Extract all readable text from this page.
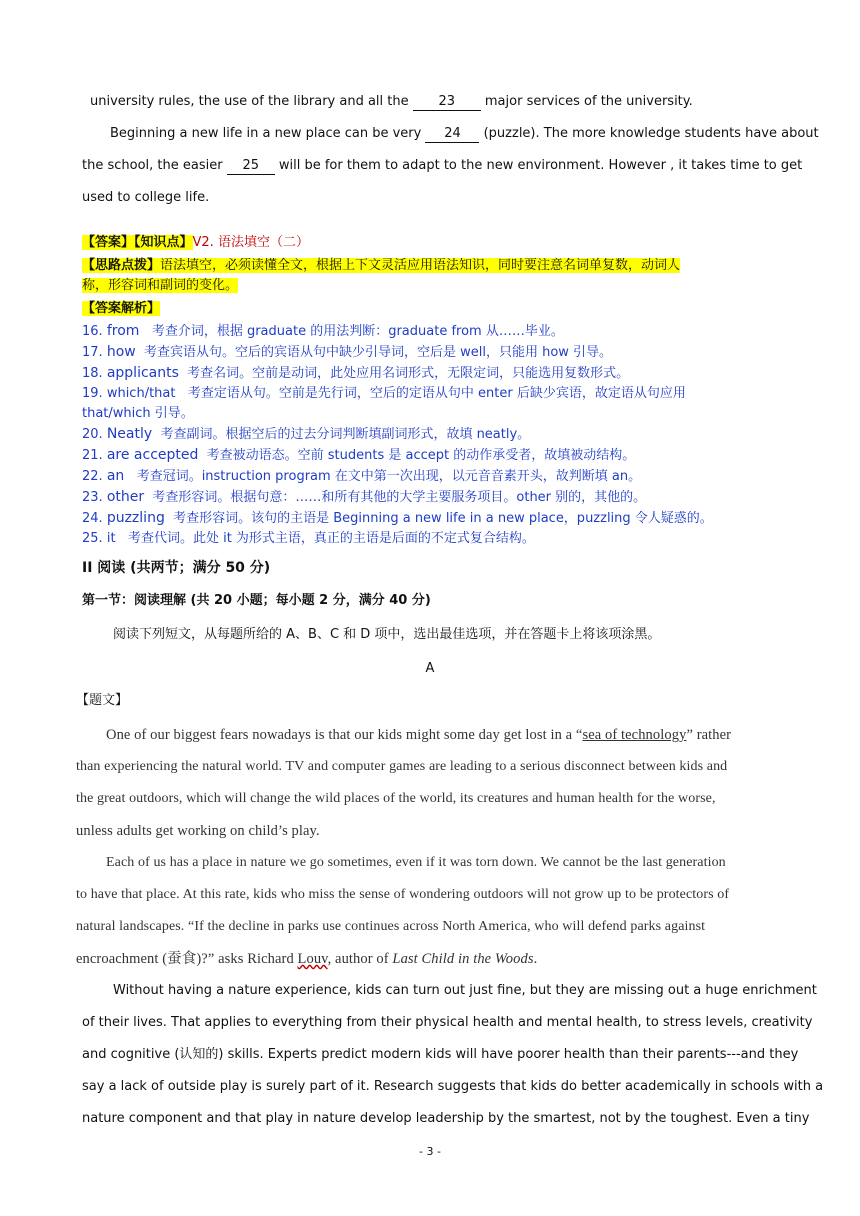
university rules, the use of the library and all the 23 major services of the university.
Beginning a new life in a new place can be very 24 (puzzle). The more knowledge students have about
the school, the easier 25 will be for them to adapt to the new environment. However , it takes time to get
used to college life.
【答案】【知识点】V2. 语法填空（二）
【思路点拨】语法填空，必须读懂全文，根据上下文灵活应用语法知识，同时要注意名词单复数，动词人
称，形容词和副词的变化。
【答案解析】
16. from 考查介词，根据 graduate 的用法判断：graduate from 从……毕业。
17. how 考查宾语从句。空后的宾语从句中缺少引导词，空后是 well，只能用 how 引导。
18. applicants 考查名词。空前是动词，此处应用名词形式，无限定词，只能选用复数形式。
19. which/that 考查定语从句。空前是先行词，空后的定语从句中 enter 后缺少宾语，故定语从句应用
that/which 引导。
20. Neatly 考查副词。根据空后的过去分词判断填副词形式，故填 neatly。
21. are accepted 考查被动语态。空前 students 是 accept 的动作承受者，故填被动结构。
22. an 考查冠词。instruction program 在文中第一次出现，以元音音素开头，故判断填 an。
23. other 考查形容词。根据句意：……和所有其他的大学主要服务项目。other 别的，其他的。
24. puzzling 考查形容词。该句的主语是 Beginning a new life in a new place，puzzling 令人疑惑的。
25. it 考查代词。此处 it 为形式主语，真正的主语是后面的不定式复合结构。
II 阅读 (共两节；满分 50 分)
第一节：阅读理解 (共 20 小题；每小题 2 分，满分 40 分)
阅读下列短文，从每题所给的 A、B、C 和 D 项中，选出最佳选项，并在答题卡上将该项涂黑。
A
【题文】
One of our biggest fears nowadays is that our kids might some day get lost in a “sea of technology” rather
than experiencing the natural world. TV and computer games are leading to a serious disconnect between kids and
the great outdoors, which will change the wild places of the world, its creatures and human health for the worse,
unless adults get working on child’s play.
Each of us has a place in nature we go sometimes, even if it was torn down. We cannot be the last generation
to have that place. At this rate, kids who miss the sense of wondering outdoors will not grow up to be protectors of
natural landscapes. “If the decline in parks use continues across North America, who will defend parks against
encroachment (蚕食)?” asks Richard Louv, author of Last Child in the Woods.
Without having a nature experience, kids can turn out just fine, but they are missing out a huge enrichment
of their lives. That applies to everything from their physical health and mental health, to stress levels, creativity
and cognitive (认知的) skills. Experts predict modern kids will have poorer health than their parents---and they
say a lack of outside play is surely part of it. Research suggests that kids do better academically in schools with a
nature component and that play in nature develop leadership by the smartest, not by the toughest. Even a tiny
- 3 -
